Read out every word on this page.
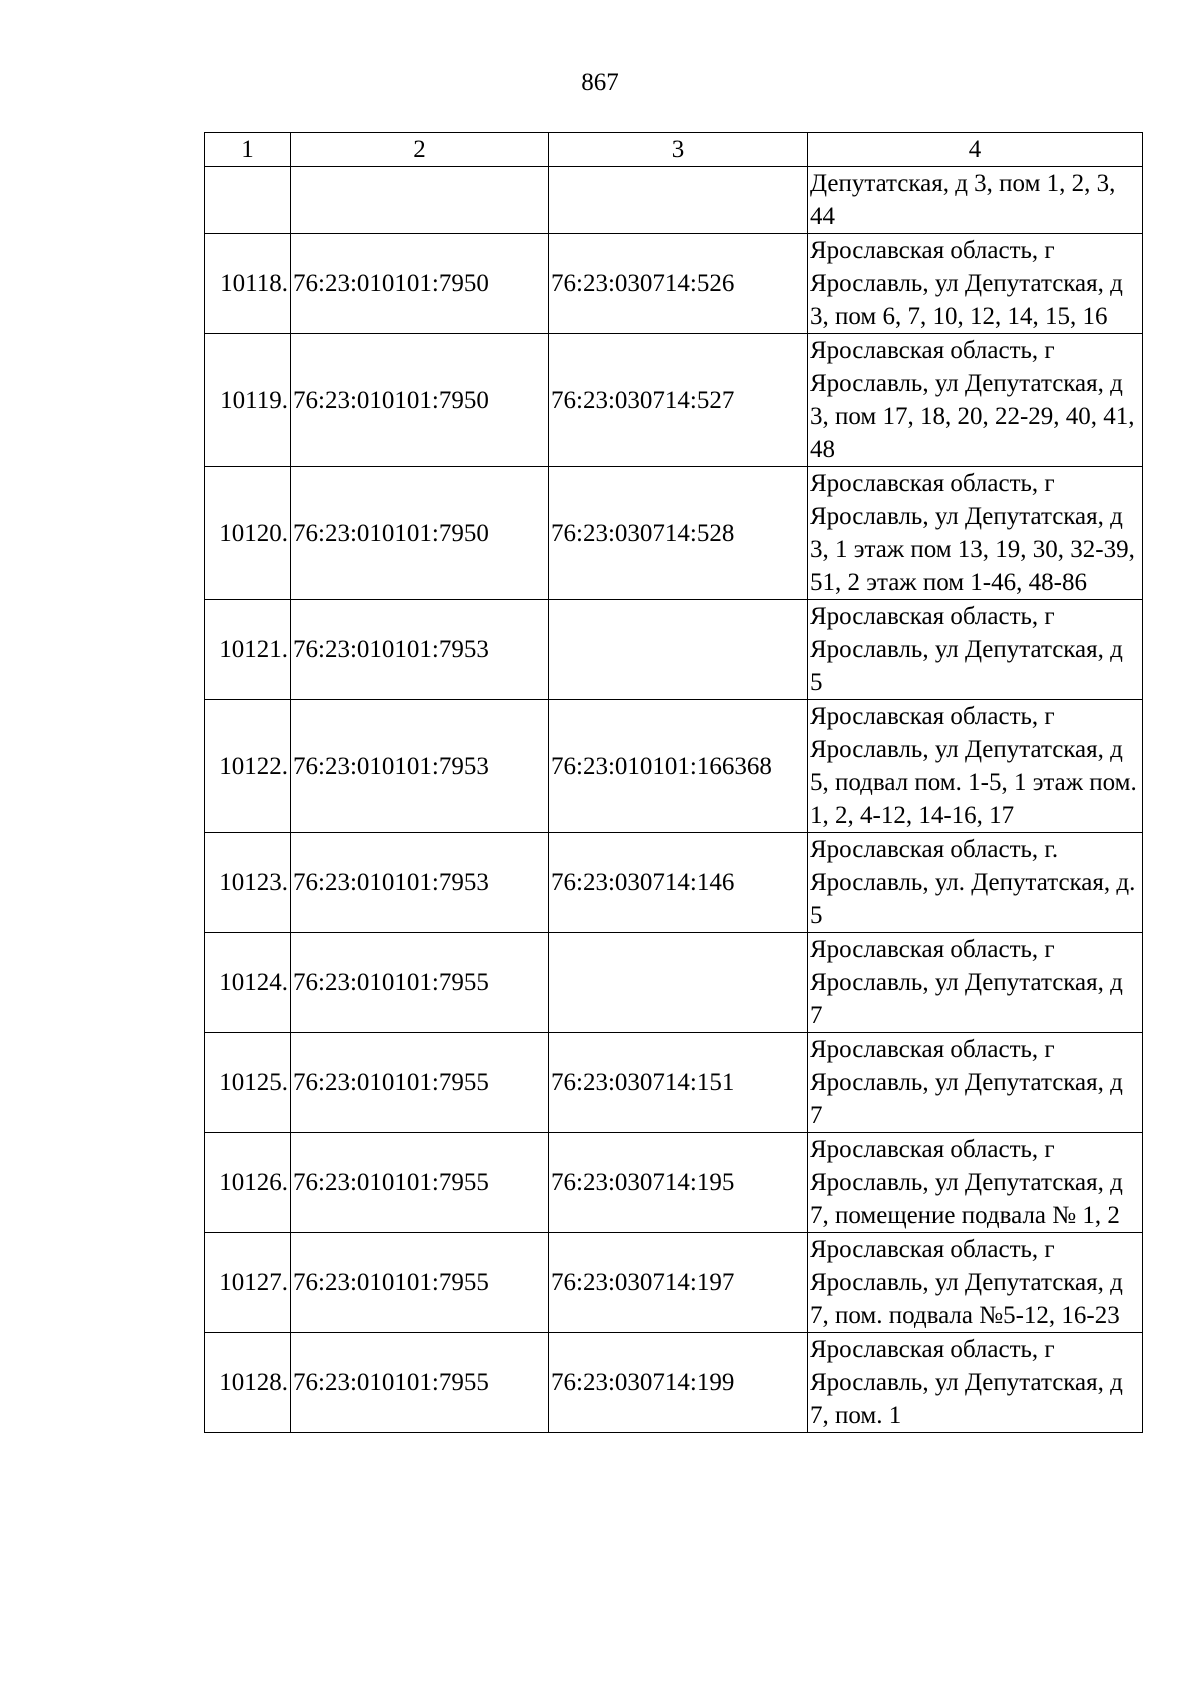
867
1	2	3	4
			Депутатская, д 3, пом 1, 2, 3, 44
10118.	76:23:010101:7950	76:23:030714:526	Ярославская область, г Ярославль, ул Депутатская, д 3, пом 6, 7, 10, 12, 14, 15, 16
10119.	76:23:010101:7950	76:23:030714:527	Ярославская область, г Ярославль, ул Депутатская, д 3, пом 17, 18, 20, 22-29, 40, 41, 48
10120.	76:23:010101:7950	76:23:030714:528	Ярославская область, г Ярославль, ул Депутатская, д 3, 1 этаж пом 13, 19, 30, 32-39, 51, 2 этаж пом 1-46, 48-86
10121.	76:23:010101:7953		Ярославская область, г Ярославль, ул Депутатская, д 5
10122.	76:23:010101:7953	76:23:010101:166368	Ярославская область, г Ярославль, ул Депутатская, д 5, подвал пом. 1-5, 1 этаж пом. 1, 2, 4-12, 14-16, 17
10123.	76:23:010101:7953	76:23:030714:146	Ярославская область, г. Ярославль, ул. Депутатская, д. 5
10124.	76:23:010101:7955		Ярославская область, г Ярославль, ул Депутатская, д 7
10125.	76:23:010101:7955	76:23:030714:151	Ярославская область, г Ярославль, ул Депутатская, д 7
10126.	76:23:010101:7955	76:23:030714:195	Ярославская область, г Ярославль, ул Депутатская, д 7, помещение подвала № 1, 2
10127.	76:23:010101:7955	76:23:030714:197	Ярославская область, г Ярославль, ул Депутатская, д 7, пом. подвала №5-12, 16-23
10128.	76:23:010101:7955	76:23:030714:199	Ярославская область, г Ярославль, ул Депутатская, д 7, пом. 1
